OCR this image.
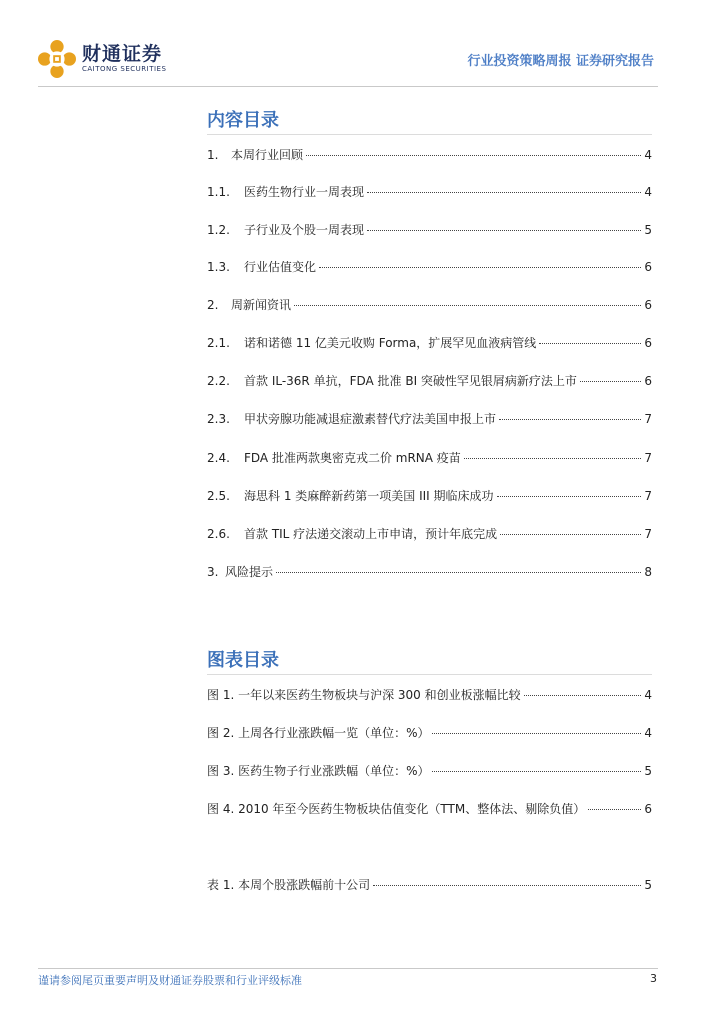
财通证券
CAITONG SECURITIES	行业投资策略周报 证券研究报告
内容目录
1.	本周行业回顾	4
1.1.	医药生物行业一周表现	4
1.2.	子行业及个股一周表现	5
1.3.	行业估值变化	6
2.	周新闻资讯	6
2.1.	诺和诺德 11 亿美元收购 Forma，扩展罕见血液病管线	6
2.2.	首款 IL-36R 单抗，FDA 批准 BI 突破性罕见银屑病新疗法上市	6
2.3.	甲状旁腺功能减退症激素替代疗法美国申报上市	7
2.4.	FDA 批准两款奥密克戎二价 mRNA 疫苗	7
2.5.	海思科 1 类麻醉新药第一项美国 III 期临床成功	7
2.6.	首款 TIL 疗法递交滚动上市申请，预计年底完成	7
3. 风险提示	8
图表目录
图 1. 一年以来医药生物板块与沪深 300 和创业板涨幅比较	4
图 2. 上周各行业涨跌幅一览（单位：%）	4
图 3. 医药生物子行业涨跌幅（单位：%）	5
图 4. 2010 年至今医药生物板块估值变化（TTM、整体法、剔除负值）	6
表 1. 本周个股涨跌幅前十公司	5
谨请参阅尾页重要声明及财通证券股票和行业评级标准	3
